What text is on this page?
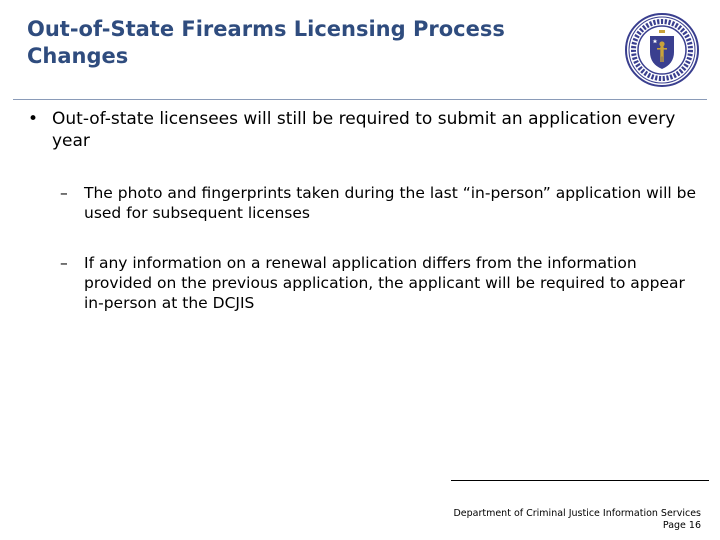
Out-of-State Firearms Licensing Process
Changes
• Out-of-state licensees will still be required to submit an application every year
– The photo and fingerprints taken during the last “in-person” application will be used for subsequent licenses
– If any information on a renewal application differs from the information provided on the previous application, the applicant will be required to appear in-person at the DCJIS
Department of Criminal Justice Information Services
Page 16
